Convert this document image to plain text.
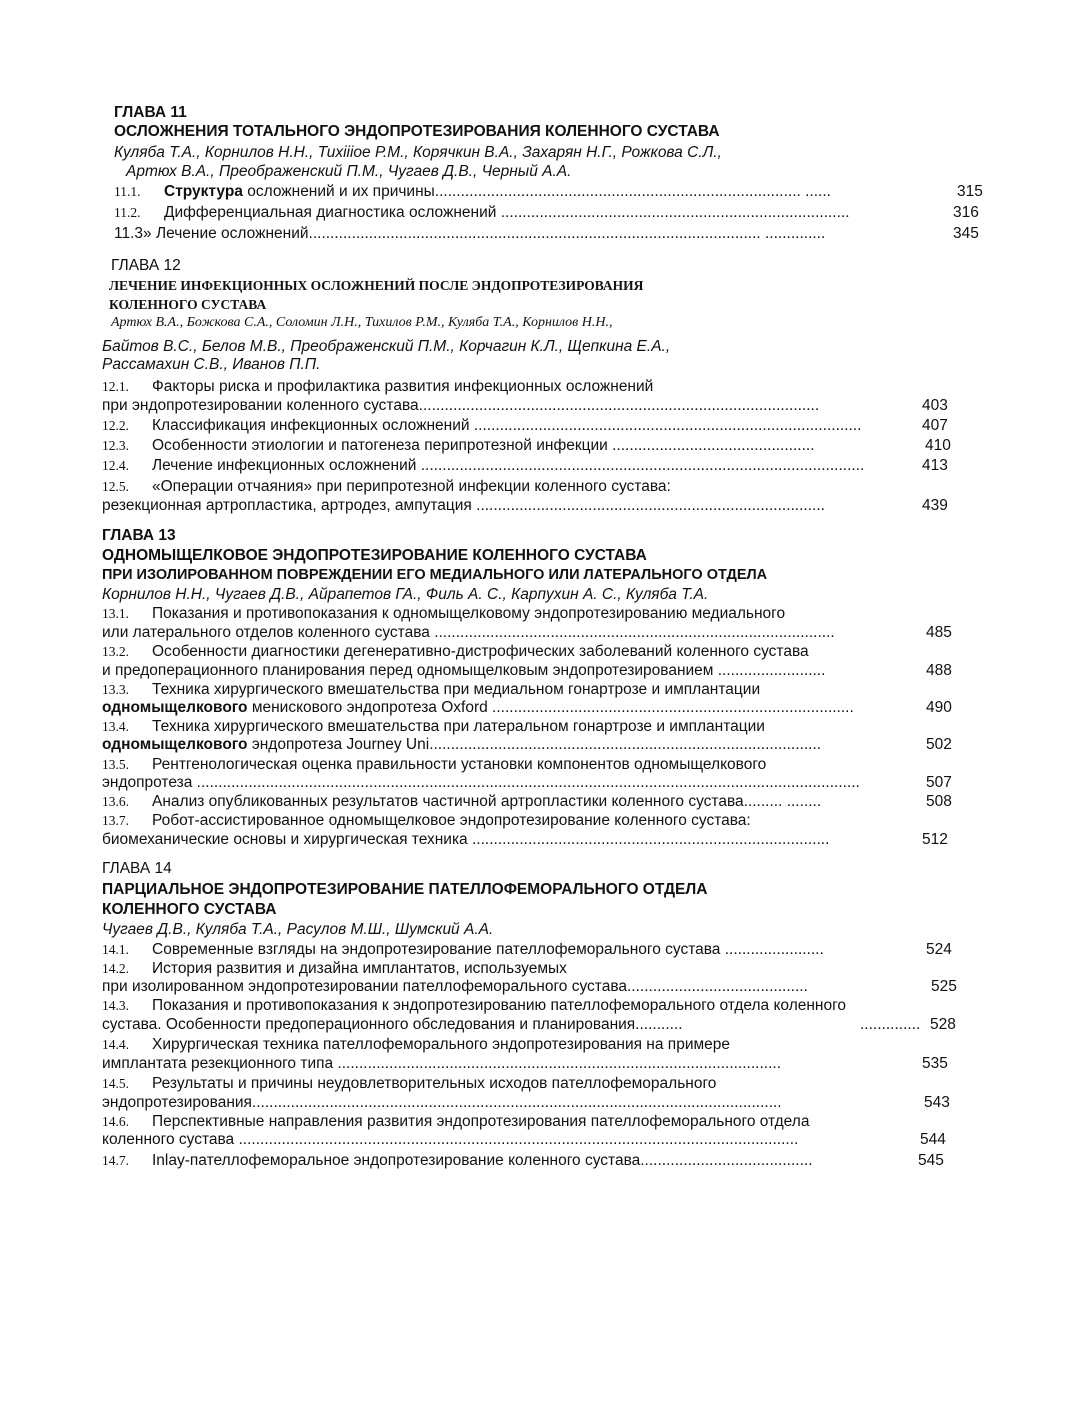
ГЛАВА 11
ОСЛОЖНЕНИЯ ТОТАЛЬНОГО ЭНДОПРОТЕЗИРОВАНИЯ КОЛЕННОГО СУСТАВА
Куляба Т.А., Корнилов Н.Н., Тихiiiое Р.М., Корячкин В.А., Захарян Н.Г., Рожкова С.Л.,
Артюх В.А., Преображенский П.М., Чугаев Д.В., Черный А.А.
11.1. Структура осложнений и их причины..................................................................................... ......	315
11.2. Дифференциальная диагностика осложнений .................................................................................	316
11.3» Лечение осложнений......................................................................................................... ..............	345
ГЛАВА 12
ЛЕЧЕНИЕ ИНФЕКЦИОННЫХ ОСЛОЖНЕНИЙ ПОСЛЕ ЭНДОПРОТЕЗИРОВАНИЯ
КОЛЕННОГО СУСТАВА
Артюх В.А., Божкова С.А., Соломин Л.Н., Тихилов Р.М., Куляба Т.А., Корнилов Н.Н.,
Байтов В.С., Белов М.В., Преображенский П.М., Корчагин К.Л., Щепкина Е.А.,
Рассамахин С.В., Иванов П.П.
12.1. Факторы риска и профилактика развития инфекционных осложнений
при эндопротезировании коленного сустава.............................................................................................	403
12.2. Классификация инфекционных осложнений ..........................................................................................	407
12.3. Особенности этиологии и патогенеза перипротезной инфекции ...............................................	410
12.4. Лечение инфекционных осложнений .......................................................................................................	413
12.5. «Операции отчаяния» при перипротезной инфекции коленного сустава:
резекционная артропластика, артродез, ампутация .................................................................................	439
ГЛАВА 13
ОДНОМЫЩЕЛКОВОЕ ЭНДОПРОТЕЗИРОВАНИЕ КОЛЕННОГО СУСТАВА
ПРИ ИЗОЛИРОВАННОМ ПОВРЕЖДЕНИИ ЕГО МЕДИАЛЬНОГО ИЛИ ЛАТЕРАЛЬНОГО ОТДЕЛА
Корнилов Н.Н., Чугаев Д.В., Айрапетов ГА., Филь А. С., Карпухин А. С., Куляба Т.А.
13.1. Показания и противопоказания к одномыщелковому эндопротезированию медиального
или латерального отделов коленного сустава .............................................................................................	485
13.2. Особенности диагностики дегенеративно-дистрофических заболеваний коленного сустава
и предоперационного планирования перед одномыщелковым эндопротезированием .........................	488
13.3. Техника хирургического вмешательства при медиальном гонартрозе и имплантации
одномыщелкового менискового эндопротеза Oxford ....................................................................................	490
13.4. Техника хирургического вмешательства при латеральном гонартрозе и имплантации
одномыщелкового эндопротеза Journey Uni...........................................................................................	502
13.5. Рентгенологическая оценка правильности установки компонентов одномыщелкового
эндопротеза ..........................................................................................................................................................	507
13.6. Анализ опубликованных результатов частичной артропластики коленного сустава......... ........	508
13.7. Робот-ассистированное одномыщелковое эндопротезирование коленного сустава:
биомеханические основы и хирургическая техника ...................................................................................	512
ГЛАВА 14
ПАРЦИАЛЬНОЕ ЭНДОПРОТЕЗИРОВАНИЕ ПАТЕЛЛОФЕМОРАЛЬНОГО ОТДЕЛА
КОЛЕННОГО СУСТАВА
Чугаев Д.В., Куляба Т.А., Расулов М.Ш., Шумский А.А.
14.1. Современные взгляды на эндопротезирование пателлофеморального сустава .......................	524
14.2. История развития и дизайна имплантатов, используемых
при изолированном эндопротезировании пателлофеморального сустава..........................................	525
14.3. Показания и противопоказания к эндопротезированию пателлофеморального отдела коленного
сустава. Особенности предоперационного обследования и планирования...........	.............. 528
14.4. Хирургическая техника пателлофеморального эндопротезирования на примере
имплантата резекционного типа .......................................................................................................	535
14.5. Результаты и причины неудовлетворительных исходов пателлофеморального
эндопротезирования...........................................................................................................................	543
14.6. Перспективные направления развития эндопротезирования пателлофеморального отдела
коленного сустава ..................................................................................................................................	544
14.7. Inlay-пателлофеморальное эндопротезирование коленного сустава........................................	545
